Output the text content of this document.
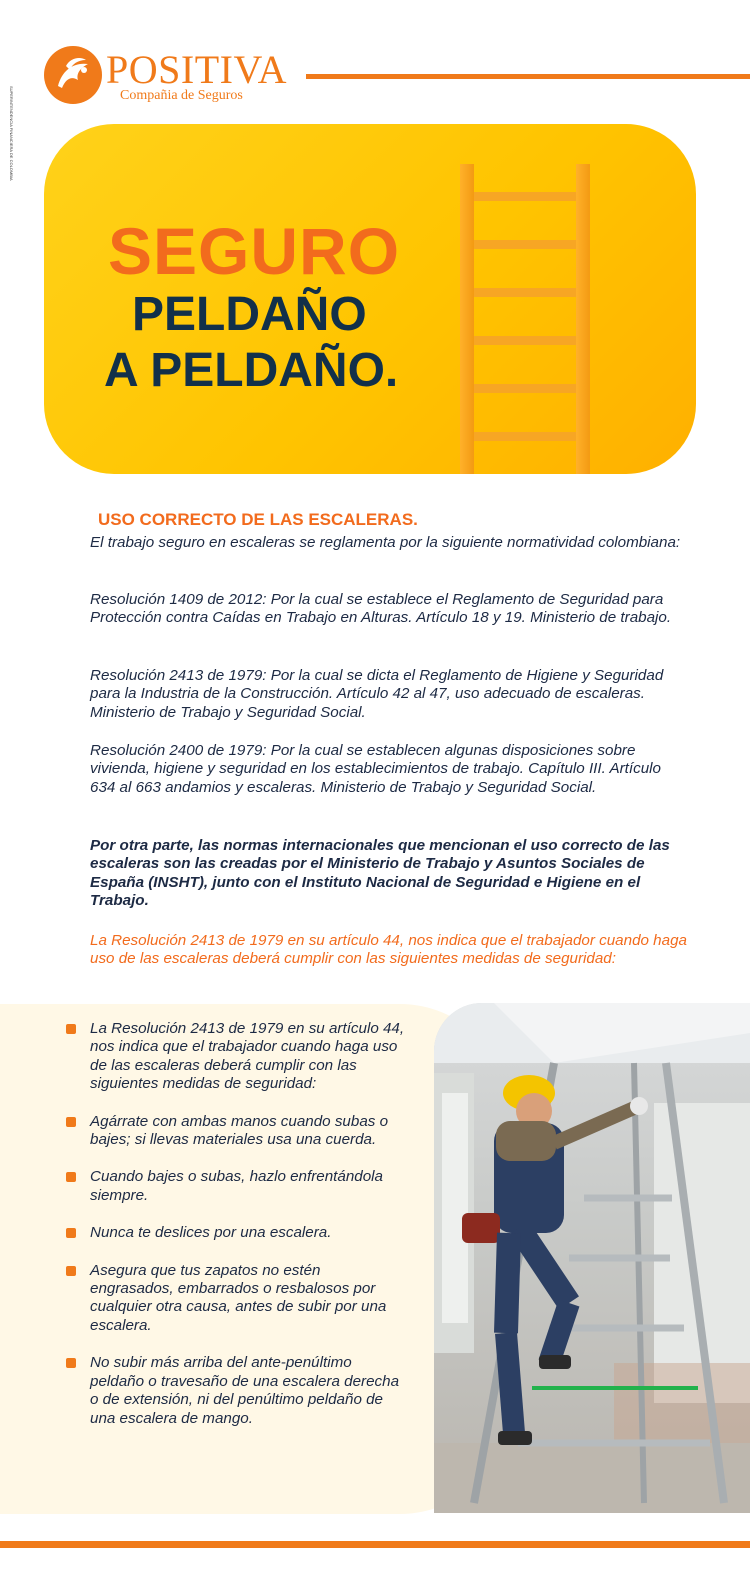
POSITIVA
Compañia de Seguros
SUPERINTENDENCIA FINANCIERA DE COLOMBIA
SEGURO
PELDAÑO
A PELDAÑO.
USO CORRECTO DE LAS ESCALERAS.

El trabajo seguro en escaleras se reglamenta por la siguiente normatividad colombiana:

Resolución 1409 de 2012: Por la cual se establece el Reglamento de Seguridad para Protección contra Caídas en Trabajo en Alturas. Artículo 18 y 19. Ministerio de trabajo.

Resolución 2413 de 1979: Por la cual se dicta el Reglamento de Higiene y Seguridad para la Industria de la Construcción. Artículo 42 al 47, uso adecuado de escaleras. Ministerio de Trabajo y Seguridad Social.

Resolución 2400 de 1979: Por la cual se establecen algunas disposiciones sobre vivienda, higiene y seguridad en los establecimientos de trabajo. Capítulo III. Artículo 634 al 663 andamios y escaleras. Ministerio de Trabajo y Seguridad Social.

Por otra parte, las normas internacionales que mencionan el uso correcto de las escaleras son las creadas por el Ministerio de Trabajo y Asuntos Sociales de España (INSHT), junto con el Instituto Nacional de Seguridad e Higiene en el Trabajo.

La Resolución 2413 de 1979 en su artículo 44, nos indica que el trabajador cuando haga uso de las escaleras deberá cumplir con las siguientes medidas de seguridad:

La Resolución 2413 de 1979 en su artículo 44, nos indica que el trabajador cuando haga uso de las escaleras deberá cumplir con las siguientes medidas de seguridad:
Agárrate con ambas manos cuando subas o bajes; si llevas materiales usa una cuerda.
Cuando bajes o subas, hazlo enfrentándola siempre.
Nunca te deslices por una escalera.
Asegura que tus zapatos no estén engrasados, embarrados o resbalosos por cualquier otra causa, antes de subir por una escalera.
No subir más arriba del ante-penúltimo peldaño o travesaño de una escalera derecha o de extensión, ni del penúltimo peldaño de una escalera de mango.
